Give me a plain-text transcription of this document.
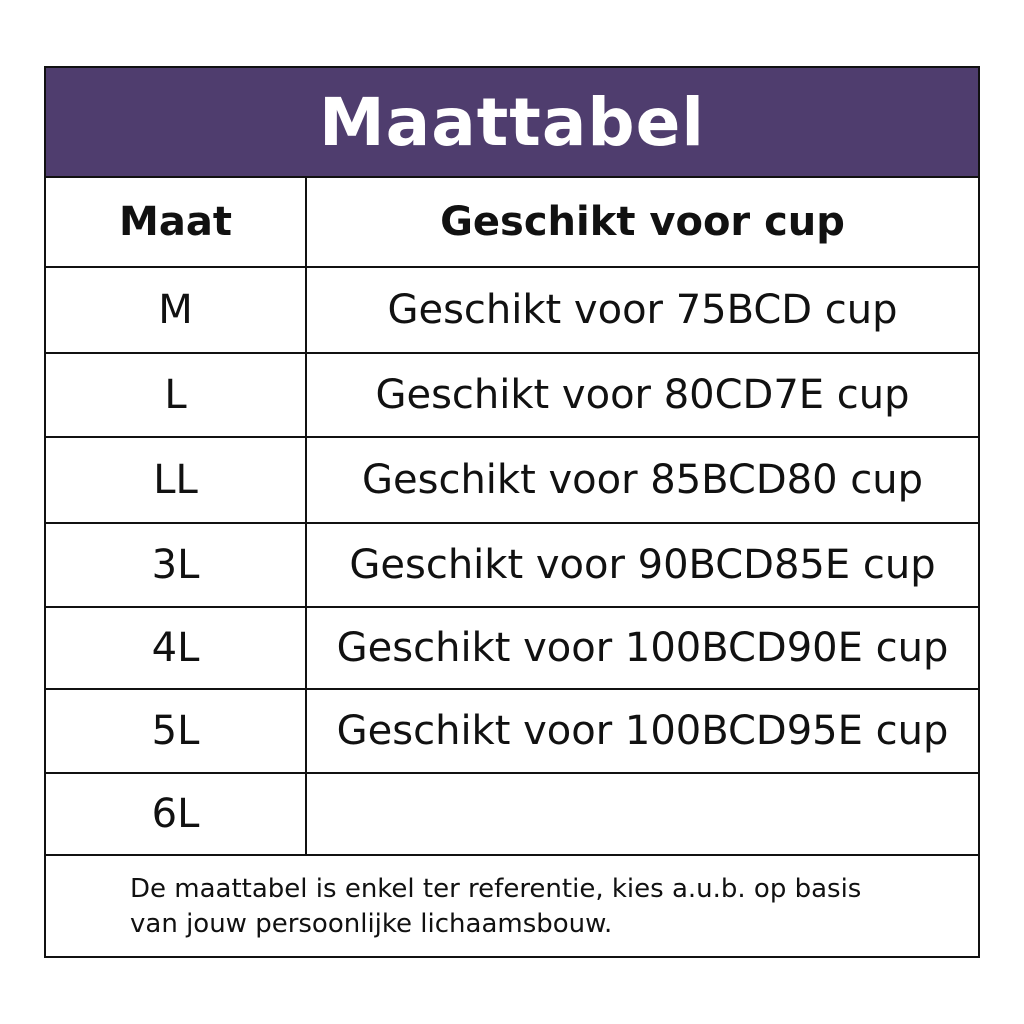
Maattabel
Maat	Geschikt voor cup
M	Geschikt voor 75BCD cup
L	Geschikt voor 80CD7E cup
LL	Geschikt voor 85BCD80 cup
3L	Geschikt voor 90BCD85E cup
4L	Geschikt voor 100BCD90E cup
5L	Geschikt voor 100BCD95E cup
6L
De maattabel is enkel ter referentie, kies a.u.b. op basis
van jouw persoonlijke lichaamsbouw.
